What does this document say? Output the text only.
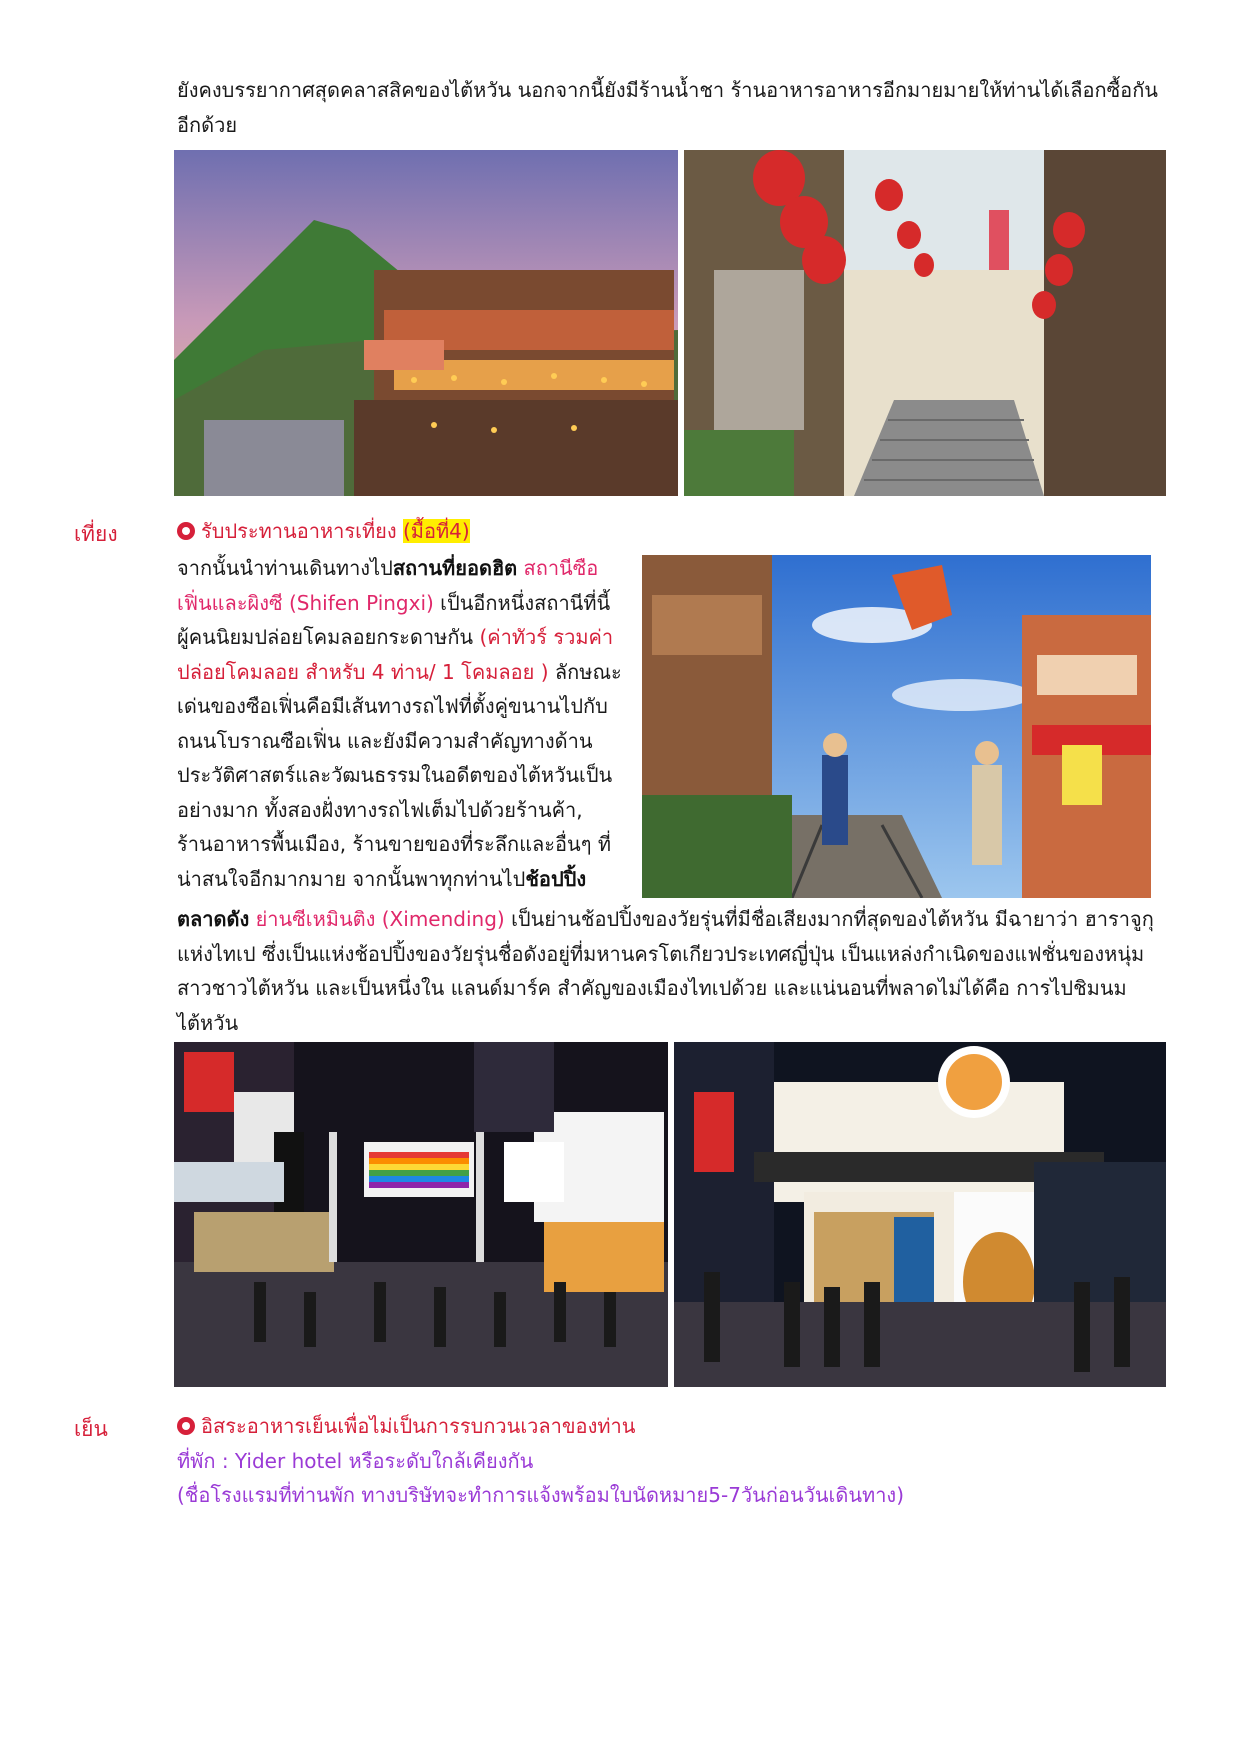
ยังคงบรรยากาศสุดคลาสสิคของไต้หวัน นอกจากนี้ยังมีร้านน้ำชา ร้านอาหารอาหารอีกมายมายให้ท่านได้เลือกซื้อกัน
อีกด้วย
เที่ยง	รับประทานอาหารเที่ยง (มื้อที่4)
จากนั้นนำท่านเดินทางไปสถานที่ยอดฮิต สถานีซือ
เฟิ่นและผิงซี (Shifen Pingxi) เป็นอีกหนึ่งสถานีที่นี้
ผู้คนนิยมปล่อยโคมลอยกระดาษกัน (ค่าทัวร์ รวมค่า
ปล่อยโคมลอย สำหรับ 4 ท่าน/ 1 โคมลอย ) ลักษณะ
เด่นของซือเฟิ่นคือมีเส้นทางรถไฟที่ตั้งคู่ขนานไปกับ
ถนนโบราณซือเฟิ่น และยังมีความสำคัญทางด้าน
ประวัติศาสตร์และวัฒนธรรมในอดีตของไต้หวันเป็น
อย่างมาก ทั้งสองฝั่งทางรถไฟเต็มไปด้วยร้านค้า,
ร้านอาหารพื้นเมือง, ร้านขายของที่ระลึกและอื่นๆ ที่
น่าสนใจอีกมากมาย จากนั้นพาทุกท่านไปช้อปปิ้ง
ตลาดดัง ย่านซีเหมินติง (Ximending) เป็นย่านช้อปปิ้งของวัยรุ่นที่มีชื่อเสียงมากที่สุดของไต้หวัน มีฉายาว่า ฮาราจูกุ
แห่งไทเป ซึ่งเป็นแห่งช้อปปิ้งของวัยรุ่นชื่อดังอยู่ที่มหานครโตเกียวประเทศญี่ปุ่น เป็นแหล่งกำเนิดของแฟชั่นของหนุ่ม
สาวชาวไต้หวัน และเป็นหนึ่งใน แลนด์มาร์ค สำคัญของเมืองไทเปด้วย และแน่นอนที่พลาดไม่ได้คือ การไปชิมนมไต้หวัน
เย็น	อิสระอาหารเย็นเพื่อไม่เป็นการรบกวนเวลาของท่าน
ที่พัก : Yider hotel หรือระดับใกล้เคียงกัน
(ชื่อโรงแรมที่ท่านพัก ทางบริษัทจะทำการแจ้งพร้อมใบนัดหมาย5-7วันก่อนวันเดินทาง)
